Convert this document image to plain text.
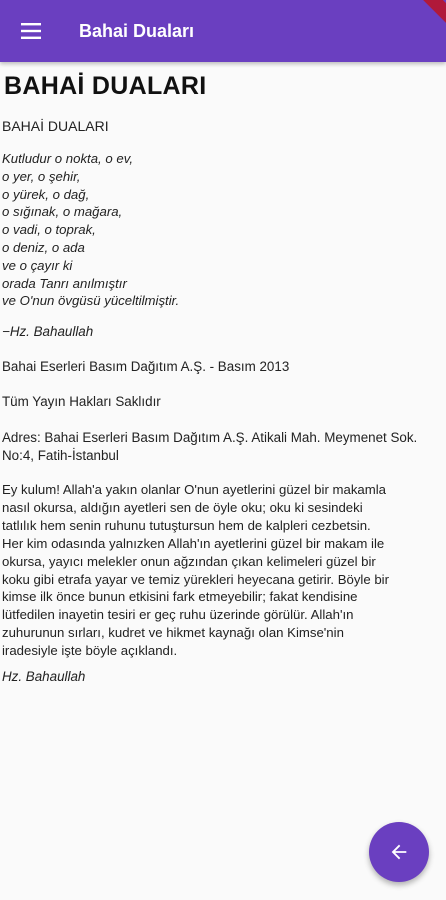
Bahai Duaları
BAHAİ DUALARI
BAHAİ DUALARI
Kutludur o nokta, o ev,
o yer, o şehir,
o yürek, o dağ,
o sığınak, o mağara,
o vadi, o toprak,
o deniz, o ada
ve o çayır ki
orada Tanrı anılmıştır
ve O'nun övgüsü yüceltilmiştir.
−Hz. Bahaullah
Bahai Eserleri Basım Dağıtım A.Ş. - Basım 2013
Tüm Yayın Hakları Saklıdır
Adres: Bahai Eserleri Basım Dağıtım A.Ş. Atikali Mah. Meymenet Sok. No:4, Fatih-İstanbul
Ey kulum! Allah'a yakın olanlar O'nun ayetlerini güzel bir makamla
nasıl okursa, aldığın ayetleri sen de öyle oku; oku ki sesindeki
tatlılık hem senin ruhunu tutuştursun hem de kalpleri cezbetsin.
Her kim odasında yalnızken Allah'ın ayetlerini güzel bir makam ile
okursa, yayıcı melekler onun ağzından çıkan kelimeleri güzel bir
koku gibi etrafa yayar ve temiz yürekleri heyecana getirir. Böyle bir
kimse ilk önce bunun etkisini fark etmeyebilir; fakat kendisine
lütfedilen inayetin tesiri er geç ruhu üzerinde görülür. Allah'ın
zuhurunun sırları, kudret ve hikmet kaynağı olan Kimse'nin
iradesiyle işte böyle açıklandı.
Hz. Bahaullah
